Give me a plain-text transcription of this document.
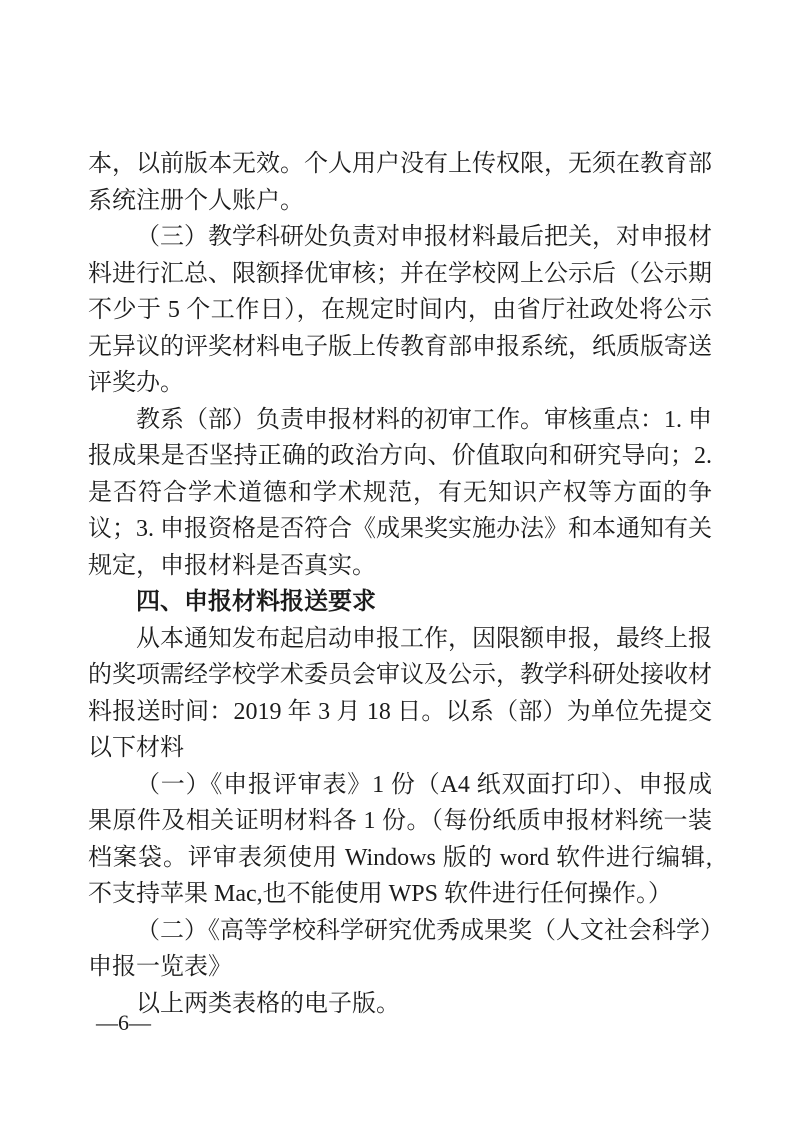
本，以前版本无效。个人用户没有上传权限，无须在教育部系统注册个人账户。

（三）教学科研处负责对申报材料最后把关，对申报材料进行汇总、限额择优审核；并在学校网上公示后（公示期不少于 5 个工作日），在规定时间内，由省厅社政处将公示无异议的评奖材料电子版上传教育部申报系统，纸质版寄送评奖办。

教系（部）负责申报材料的初审工作。审核重点：1. 申报成果是否坚持正确的政治方向、价值取向和研究导向；2. 是否符合学术道德和学术规范，有无知识产权等方面的争议；3. 申报资格是否符合《成果奖实施办法》和本通知有关规定，申报材料是否真实。

四、申报材料报送要求

从本通知发布起启动申报工作，因限额申报，最终上报的奖项需经学校学术委员会审议及公示，教学科研处接收材料报送时间：2019 年 3 月 18 日。以系（部）为单位先提交以下材料

（一）《申报评审表》1 份（A4 纸双面打印）、申报成果原件及相关证明材料各 1 份。（每份纸质申报材料统一装档案袋。评审表须使用 Windows 版的 word 软件进行编辑,不支持苹果 Mac,也不能使用 WPS 软件进行任何操作。）

（二）《高等学校科学研究优秀成果奖（人文社会科学）申报一览表》

以上两类表格的电子版。

—6—
